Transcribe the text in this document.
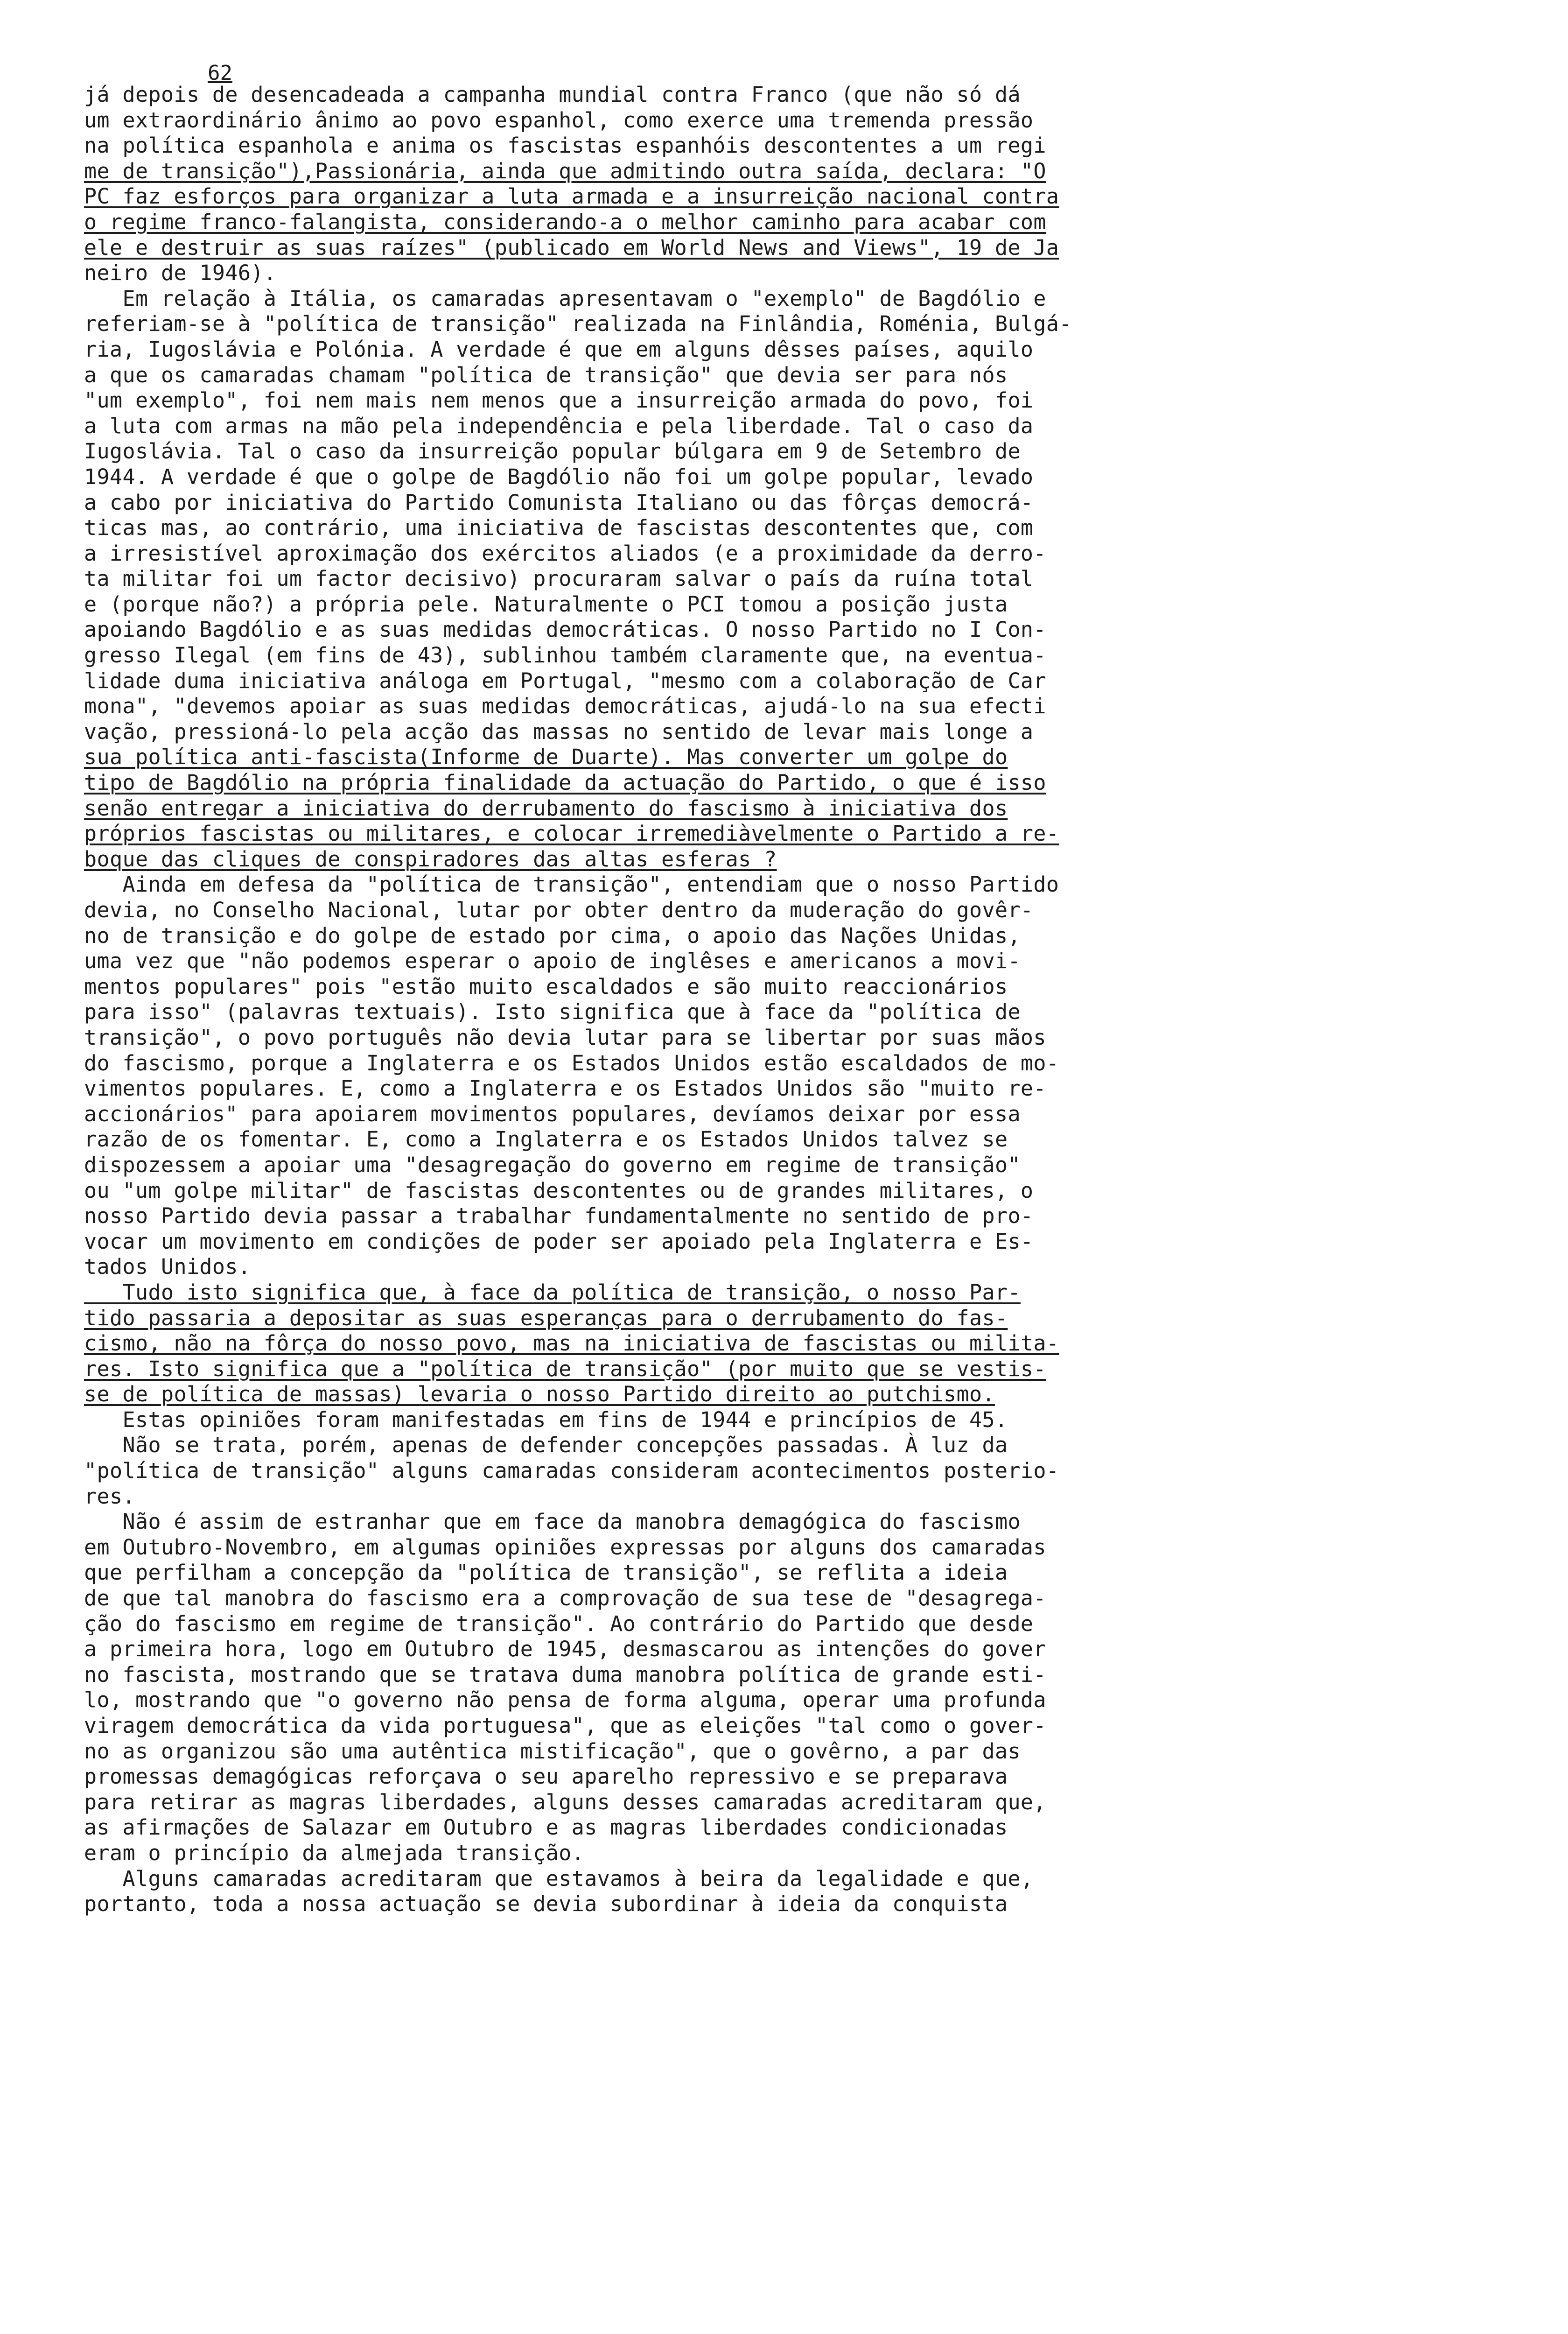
62
já depois de desencadeada a campanha mundial contra Franco (que não só dá
um extraordinário ânimo ao povo espanhol, como exerce uma tremenda pressão
na política espanhola e anima os fascistas espanhóis descontentes a um regi
me de transição"),Passionária, ainda que admitindo outra saída, declara: "O
PC faz esforços para organizar a luta armada e a insurreição nacional contra
o regime franco-falangista, considerando-a o melhor caminho para acabar com
ele e destruir as suas raízes" (publicado em World News and Views", 19 de Ja
neiro de 1946).
Em relação à Itália, os camaradas apresentavam o "exemplo" de Bagdólio e
referiam-se à "política de transição" realizada na Finlândia, Roménia, Bulgá-
ria, Iugoslávia e Polónia. A verdade é que em alguns dêsses países, aquilo
a que os camaradas chamam "política de transição" que devia ser para nós
"um exemplo", foi nem mais nem menos que a insurreição armada do povo, foi
a luta com armas na mão pela independência e pela liberdade. Tal o caso da
Iugoslávia. Tal o caso da insurreição popular búlgara em 9 de Setembro de
1944. A verdade é que o golpe de Bagdólio não foi um golpe popular, levado
a cabo por iniciativa do Partido Comunista Italiano ou das fôrças democrá-
ticas mas, ao contrário, uma iniciativa de fascistas descontentes que, com
a irresistível aproximação dos exércitos aliados (e a proximidade da derro-
ta militar foi um factor decisivo) procuraram salvar o país da ruína total
e (porque não?) a própria pele. Naturalmente o PCI tomou a posição justa
apoiando Bagdólio e as suas medidas democráticas. O nosso Partido no I Con-
gresso Ilegal (em fins de 43), sublinhou também claramente que, na eventua-
lidade duma iniciativa análoga em Portugal, "mesmo com a colaboração de Car
mona", "devemos apoiar as suas medidas democráticas, ajudá-lo na sua efecti
vação, pressioná-lo pela acção das massas no sentido de levar mais longe a
sua política anti-fascista(Informe de Duarte). Mas converter um golpe do
tipo de Bagdólio na própria finalidade da actuação do Partido, o que é isso
senão entregar a iniciativa do derrubamento do fascismo à iniciativa dos
próprios fascistas ou militares, e colocar irremediàvelmente o Partido a re-
boque das cliques de conspiradores das altas esferas ?
Ainda em defesa da "política de transição", entendiam que o nosso Partido
devia, no Conselho Nacional, lutar por obter dentro da muderação do govêr-
no de transição e do golpe de estado por cima, o apoio das Nações Unidas,
uma vez que "não podemos esperar o apoio de inglêses e americanos a movi-
mentos populares" pois "estão muito escaldados e são muito reaccionários
para isso" (palavras textuais). Isto significa que à face da "política de
transição", o povo português não devia lutar para se libertar por suas mãos
do fascismo, porque a Inglaterra e os Estados Unidos estão escaldados de mo-
vimentos populares. E, como a Inglaterra e os Estados Unidos são "muito re-
accionários" para apoiarem movimentos populares, devíamos deixar por essa
razão de os fomentar. E, como a Inglaterra e os Estados Unidos talvez se
dispozessem a apoiar uma "desagregação do governo em regime de transição"
ou "um golpe militar" de fascistas descontentes ou de grandes militares, o
nosso Partido devia passar a trabalhar fundamentalmente no sentido de pro-
vocar um movimento em condições de poder ser apoiado pela Inglaterra e Es-
tados Unidos.
Tudo isto significa que, à face da política de transição, o nosso Par-
tido passaria a depositar as suas esperanças para o derrubamento do fas-
cismo, não na fôrça do nosso povo, mas na iniciativa de fascistas ou milita-
res. Isto significa que a "política de transição" (por muito que se vestis-
se de política de massas) levaria o nosso Partido direito ao putchismo.
Estas opiniões foram manifestadas em fins de 1944 e princípios de 45.
Não se trata, porém, apenas de defender concepções passadas. À luz da
"política de transição" alguns camaradas consideram acontecimentos posterio-
res.
Não é assim de estranhar que em face da manobra demagógica do fascismo
em Outubro-Novembro, em algumas opiniões expressas por alguns dos camaradas
que perfilham a concepção da "política de transição", se reflita a ideia
de que tal manobra do fascismo era a comprovação de sua tese de "desagrega-
ção do fascismo em regime de transição". Ao contrário do Partido que desde
a primeira hora, logo em Outubro de 1945, desmascarou as intenções do gover
no fascista, mostrando que se tratava duma manobra política de grande esti-
lo, mostrando que "o governo não pensa de forma alguma, operar uma profunda
viragem democrática da vida portuguesa", que as eleições "tal como o gover-
no as organizou são uma autêntica mistificação", que o govêrno, a par das
promessas demagógicas reforçava o seu aparelho repressivo e se preparava
para retirar as magras liberdades, alguns desses camaradas acreditaram que,
as afirmações de Salazar em Outubro e as magras liberdades condicionadas
eram o princípio da almejada transição.
Alguns camaradas acreditaram que estavamos à beira da legalidade e que,
portanto, toda a nossa actuação se devia subordinar à ideia da conquista
